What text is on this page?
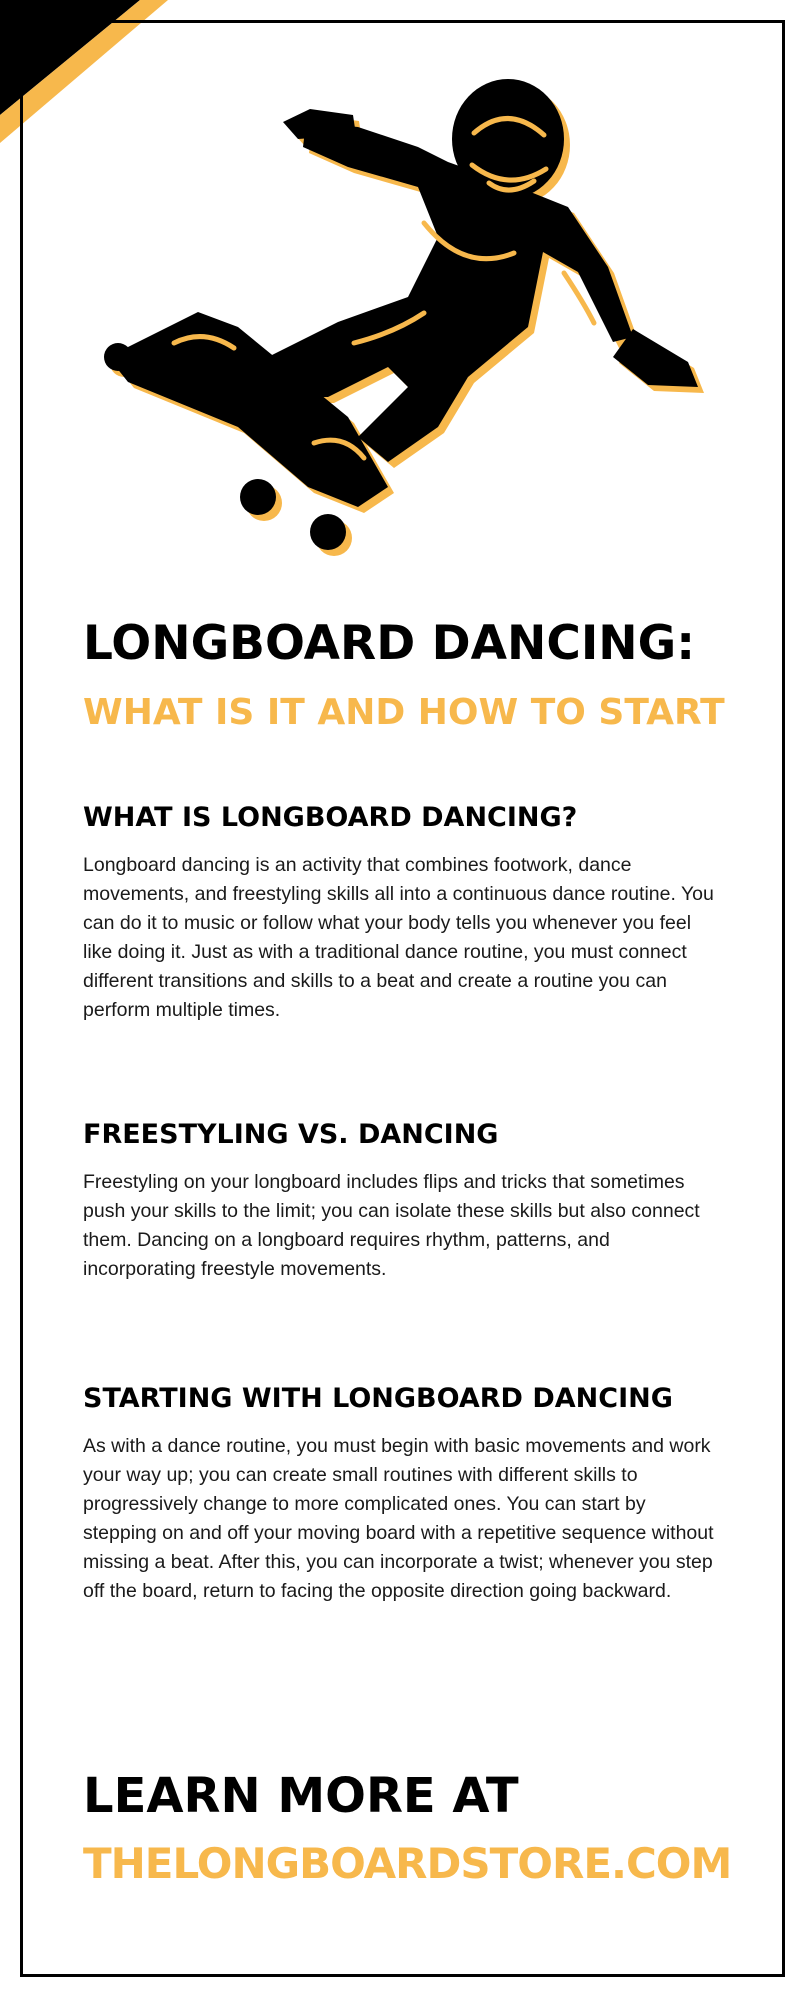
LONGBOARD DANCING:
WHAT IS IT AND HOW TO START
WHAT IS LONGBOARD DANCING?

Longboard dancing is an activity that combines footwork, dance movements, and freestyling skills all into a continuous dance routine. You can do it to music or follow what your body tells you whenever you feel like doing it. Just as with a traditional dance routine, you must connect different transitions and skills to a beat and create a routine you can perform multiple times.

FREESTYLING VS. DANCING

Freestyling on your longboard includes flips and tricks that sometimes push your skills to the limit; you can isolate these skills but also connect them. Dancing on a longboard requires rhythm, patterns, and incorporating freestyle movements.

STARTING WITH LONGBOARD DANCING

As with a dance routine, you must begin with basic movements and work your way up; you can create small routines with different skills to progressively change to more complicated ones. You can start by stepping on and off your moving board with a repetitive sequence without missing a beat. After this, you can incorporate a twist; whenever you step off the board, return to facing the opposite direction going backward.

LEARN MORE AT
THELONGBOARDSTORE.COM
